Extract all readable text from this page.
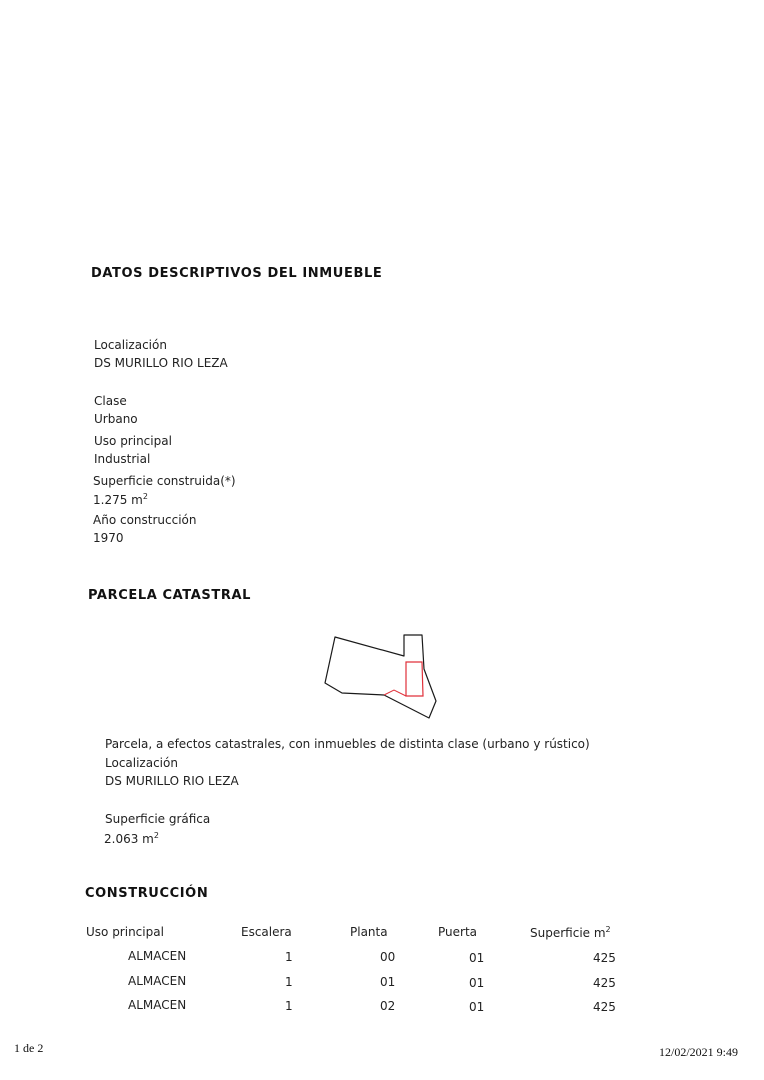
DATOS DESCRIPTIVOS DEL INMUEBLE
Localización
DS MURILLO RIO LEZA
Clase
Urbano
Uso principal
Industrial
Superficie construida(*)
1.275 $m^2$
Año construcción
1970
PARCELA CATASTRAL
Parcela, a efectos catastrales, con inmuebles de distinta clase (urbano y rústico)
Localización
DS MURILLO RIO LEZA
Superficie gráfica
2.063 $m^2$
CONSTRUCCIÓN
Uso principal	Escalera	Planta	Puerta	Superficie $m^2$
ALMACEN	1	00	01	425
ALMACEN	1	01	01	425
ALMACEN	1	02	01	425
1 de 2	12/02/2021 9:49
